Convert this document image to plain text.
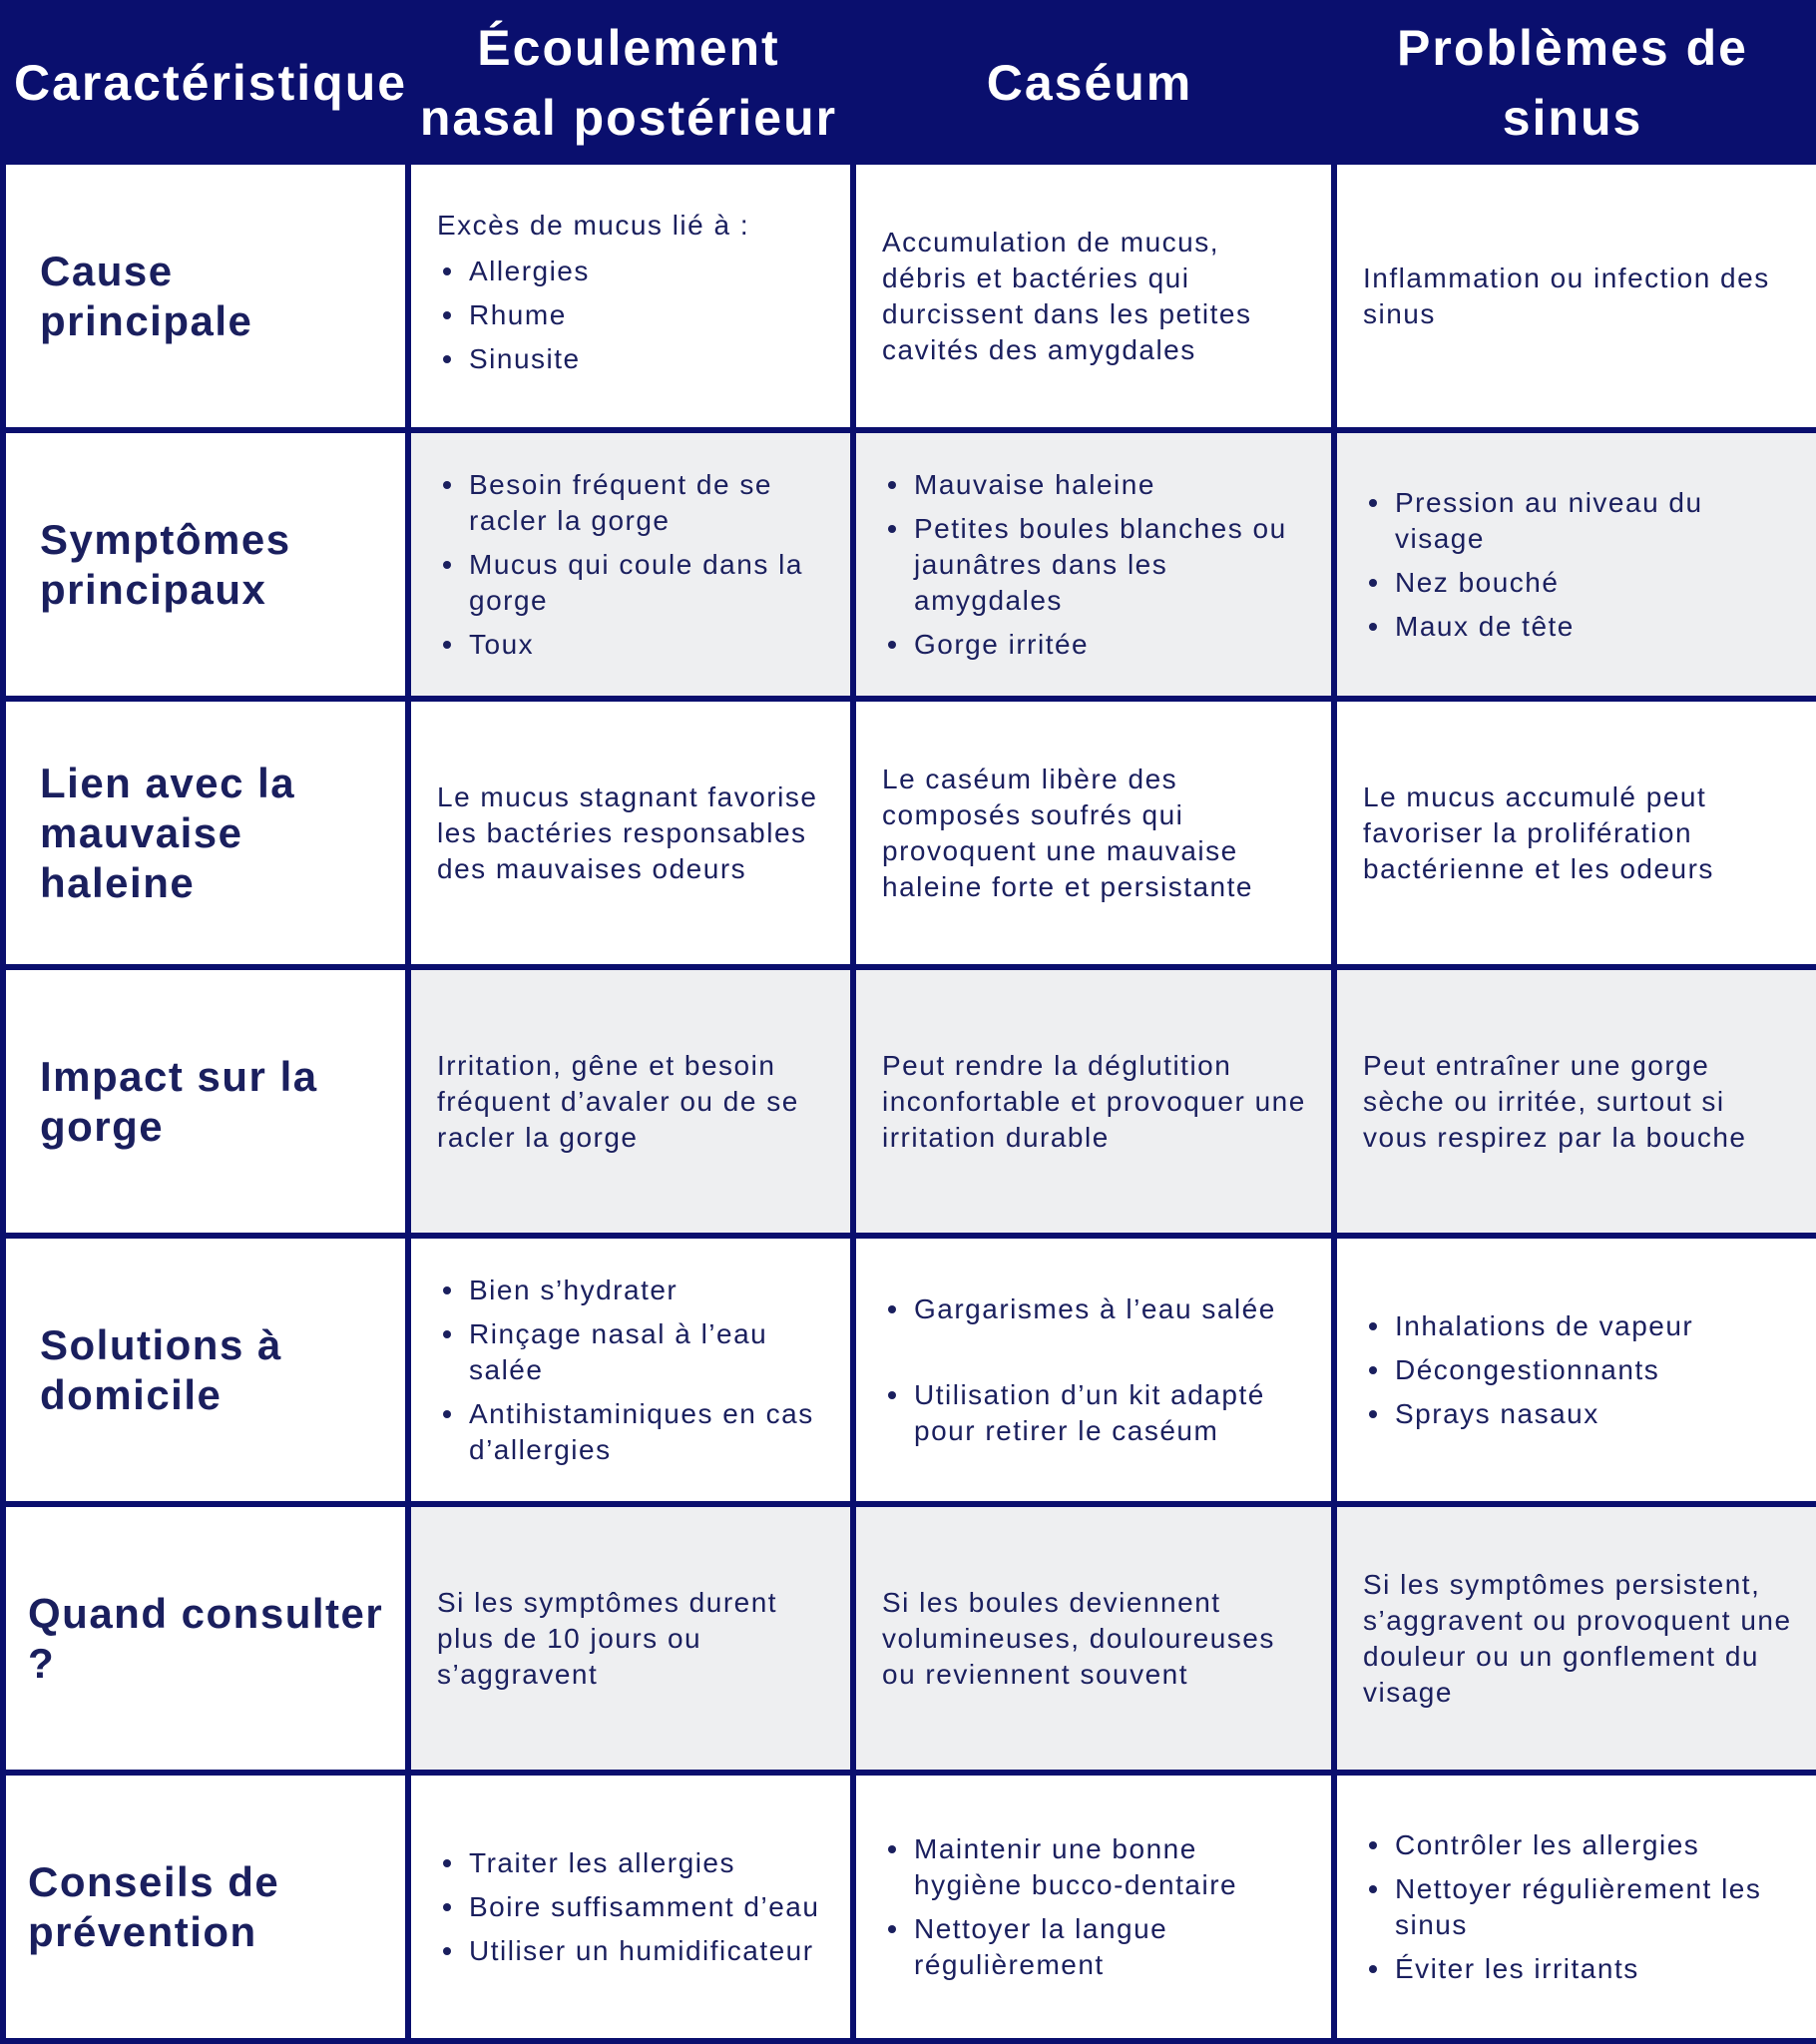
Caractéristique
Écoulement nasal postérieur
Caséum
Problèmes de sinus
Cause principale
Excès de mucus lié à :
Allergies
Rhume
Sinusite
Accumulation de mucus, débris et bactéries qui durcissent dans les petites cavités des amygdales
Inflammation ou infection des sinus
Symptômes principaux
Besoin fréquent de se racler la gorge
Mucus qui coule dans la gorge
Toux
Mauvaise haleine
Petites boules blanches ou jaunâtres dans les amygdales
Gorge irritée
Pression au niveau du visage
Nez bouché
Maux de tête
Lien avec la mauvaise haleine
Le mucus stagnant favorise les bactéries responsables des mauvaises odeurs
Le caséum libère des composés soufrés qui provoquent une mauvaise haleine forte et persistante
Le mucus accumulé peut favoriser la prolifération bactérienne et les odeurs
Impact sur la gorge
Irritation, gêne et besoin fréquent d’avaler ou de se racler la gorge
Peut rendre la déglutition inconfortable et provoquer une irritation durable
Peut entraîner une gorge sèche ou irritée, surtout si vous respirez par la bouche
Solutions à domicile
Bien s’hydrater
Rinçage nasal à l’eau salée
Antihistaminiques en cas d’allergies
Gargarismes à l’eau salée
Utilisation d’un kit adapté pour retirer le caséum
Inhalations de vapeur
Décongestionnants
Sprays nasaux
Quand consulter ?
Si les symptômes durent plus de 10 jours ou s’aggravent
Si les boules deviennent volumineuses, douloureuses ou reviennent souvent
Si les symptômes persistent, s’aggravent ou provoquent une douleur ou un gonflement du visage
Conseils de prévention
Traiter les allergies
Boire suffisamment d’eau
Utiliser un humidificateur
Maintenir une bonne hygiène bucco-dentaire
Nettoyer la langue régulièrement
Contrôler les allergies
Nettoyer régulièrement les sinus
Éviter les irritants
